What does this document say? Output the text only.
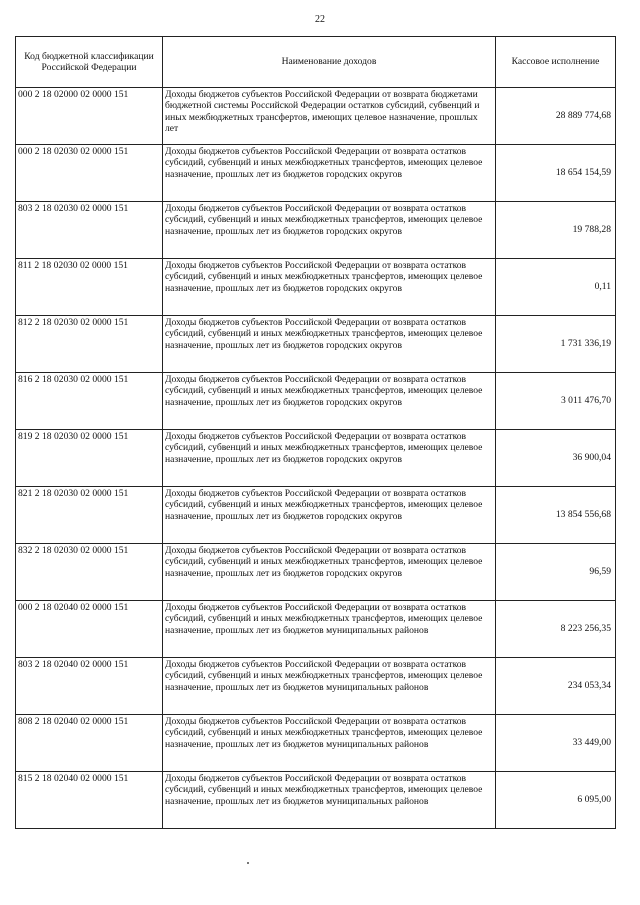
22
Код бюджетной классификации Российской Федерации	Наименование доходов	Кассовое исполнение
000 2 18 02000 02 0000 151	Доходы бюджетов субъектов Российской Федерации от возврата бюджетами бюджетной системы Российской Федерации остатков субсидий, субвенций и иных межбюджетных трансфертов, имеющих целевое назначение, прошлых лет	28 889 774,68
000 2 18 02030 02 0000 151	Доходы бюджетов субъектов Российской Федерации от возврата остатков субсидий, субвенций и иных межбюджетных трансфертов, имеющих целевое назначение, прошлых лет из бюджетов городских округов	18 654 154,59
803 2 18 02030 02 0000 151	Доходы бюджетов субъектов Российской Федерации от возврата остатков субсидий, субвенций и иных межбюджетных трансфертов, имеющих целевое назначение, прошлых лет из бюджетов городских округов	19 788,28
811 2 18 02030 02 0000 151	Доходы бюджетов субъектов Российской Федерации от возврата остатков субсидий, субвенций и иных межбюджетных трансфертов, имеющих целевое назначение, прошлых лет из бюджетов городских округов	0,11
812 2 18 02030 02 0000 151	Доходы бюджетов субъектов Российской Федерации от возврата остатков субсидий, субвенций и иных межбюджетных трансфертов, имеющих целевое назначение, прошлых лет из бюджетов городских округов	1 731 336,19
816 2 18 02030 02 0000 151	Доходы бюджетов субъектов Российской Федерации от возврата остатков субсидий, субвенций и иных межбюджетных трансфертов, имеющих целевое назначение, прошлых лет из бюджетов городских округов	3 011 476,70
819 2 18 02030 02 0000 151	Доходы бюджетов субъектов Российской Федерации от возврата остатков субсидий, субвенций и иных межбюджетных трансфертов, имеющих целевое назначение, прошлых лет из бюджетов городских округов	36 900,04
821 2 18 02030 02 0000 151	Доходы бюджетов субъектов Российской Федерации от возврата остатков субсидий, субвенций и иных межбюджетных трансфертов, имеющих целевое назначение, прошлых лет из бюджетов городских округов	13 854 556,68
832 2 18 02030 02 0000 151	Доходы бюджетов субъектов Российской Федерации от возврата остатков субсидий, субвенций и иных межбюджетных трансфертов, имеющих целевое назначение, прошлых лет из бюджетов городских округов	96,59
000 2 18 02040 02 0000 151	Доходы бюджетов субъектов Российской Федерации от возврата остатков субсидий, субвенций и иных межбюджетных трансфертов, имеющих целевое назначение, прошлых лет из бюджетов муниципальных районов	8 223 256,35
803 2 18 02040 02 0000 151	Доходы бюджетов субъектов Российской Федерации от возврата остатков субсидий, субвенций и иных межбюджетных трансфертов, имеющих целевое назначение, прошлых лет из бюджетов муниципальных районов	234 053,34
808 2 18 02040 02 0000 151	Доходы бюджетов субъектов Российской Федерации от возврата остатков субсидий, субвенций и иных межбюджетных трансфертов, имеющих целевое назначение, прошлых лет из бюджетов муниципальных районов	33 449,00
815 2 18 02040 02 0000 151	Доходы бюджетов субъектов Российской Федерации от возврата остатков субсидий, субвенций и иных межбюджетных трансфертов, имеющих целевое назначение, прошлых лет из бюджетов муниципальных районов	6 095,00
